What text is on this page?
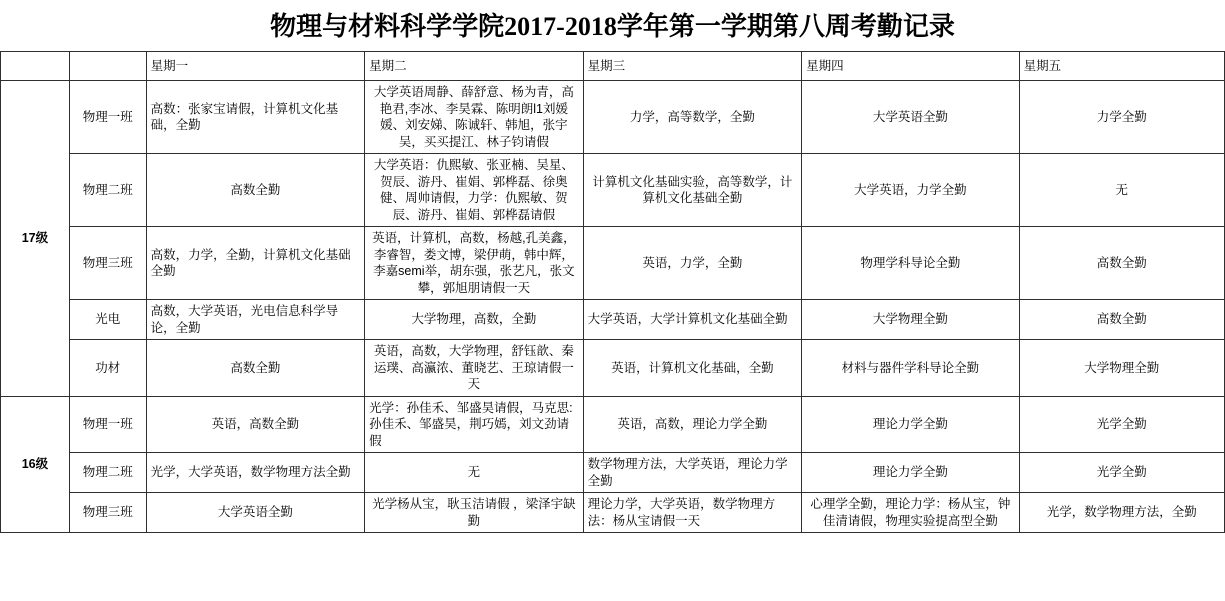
物理与材料科学学院2017-2018学年第一学期第八周考勤记录
		星期一	星期二	星期三	星期四	星期五
17级	物理一班	高数：张家宝请假，计算机文化基础，全勤	大学英语周静、薛舒意、杨为青，高艳君,李冰、李昊霖、陈明朗l1刘媛媛、刘安娣、陈诚轩、韩旭，张宇吴，买买提江、林子钧请假	力学，高等数学，全勤	大学英语全勤	力学全勤
	物理二班	高数全勤	大学英语：仇熙敏、张亚楠、吴星、贺辰、游丹、崔娟、郭桦磊、徐奥健、周帅请假，力学：仇熙敏、贺辰、游丹、崔娟、郭桦磊请假	计算机文化基础实验，高等数学，计算机文化基础全勤	大学英语，力学全勤	无
	物理三班	高数，力学，全勤，计算机文化基础全勤	英语，计算机，高数，杨越,孔美鑫，李睿智，娄文博，梁伊萌，韩中辉，李嘉semi举，胡东强，张艺凡，张文攀，郭旭朋请假一天	英语，力学，全勤	物理学科导论全勤	高数全勤
	光电	高数，大学英语，光电信息科学导论，全勤	大学物理，高数，全勤	大学英语，大学计算机文化基础全勤	大学物理全勤	高数全勤
	功材	高数全勤	英语，高数，大学物理，舒钰歆、秦运璞、高瀛浓、董晓艺、王琼请假一天	英语，计算机文化基础，全勤	材料与器件学科导论全勤	大学物理全勤
16级	物理一班	英语，高数全勤	光学：孙佳禾、邹盛昊请假，马克思:孙佳禾、邹盛昊，荆巧嫣，刘文劲请假	英语，高数，理论力学全勤	理论力学全勤	光学全勤
	物理二班	光学，大学英语，数学物理方法全勤	无	数学物理方法，大学英语，理论力学全勤	理论力学全勤	光学全勤
	物理三班	大学英语全勤	光学杨从宝，耿玉洁请假 ，梁泽宇缺勤	理论力学，大学英语，数学物理方法：杨从宝请假一天	心理学全勤，理论力学：杨从宝，钟佳清请假，物理实验提高型全勤	光学，数学物理方法，全勤
